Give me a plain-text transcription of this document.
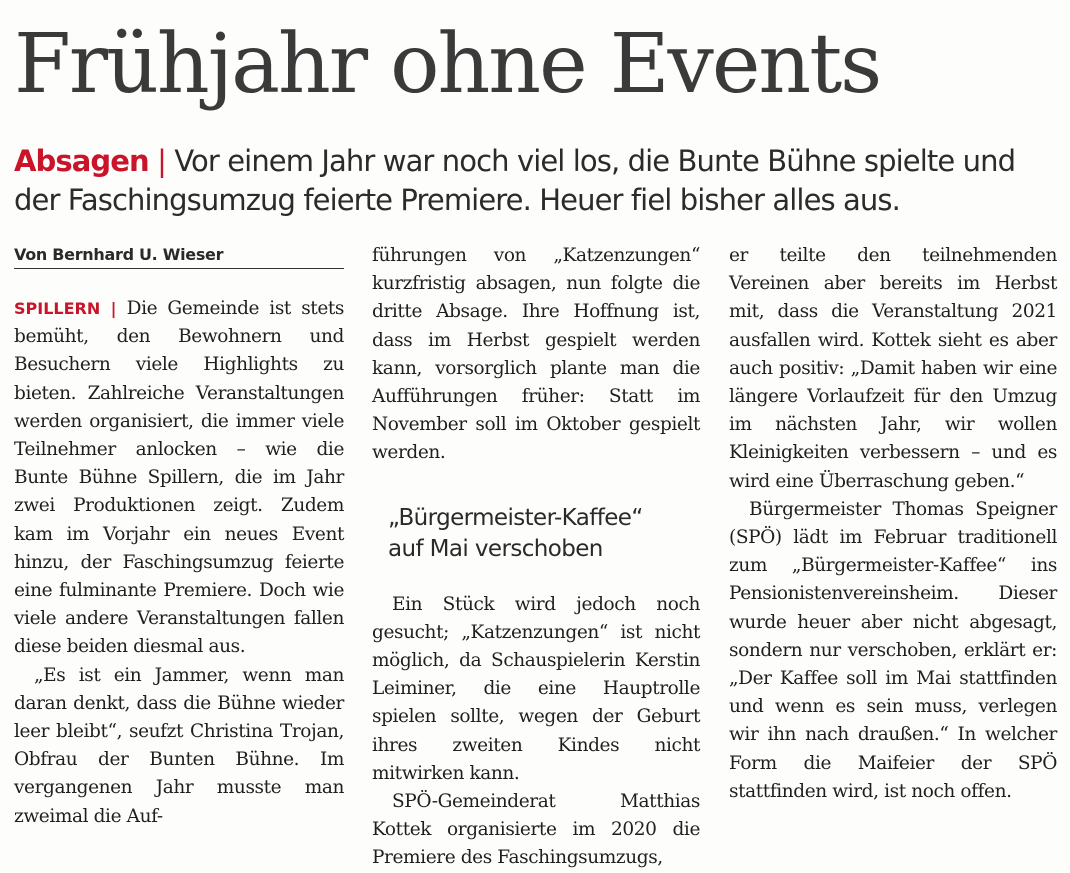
Frühjahr ohne Events

Absagen | Vor einem Jahr war noch viel los, die Bunte Bühne spielte und der Faschingsumzug feierte Premiere. Heuer fiel bisher alles aus.

Von Bernhard U. Wieser

SPILLERN | Die Gemeinde ist stets bemüht, den Bewohnern und Besuchern viele Highlights zu bieten. Zahlreiche Veranstaltungen werden organisiert, die immer viele Teilnehmer anlocken – wie die Bunte Bühne Spillern, die im Jahr zwei Produktionen zeigt. Zudem kam im Vorjahr ein neues Event hinzu, der Faschingsumzug feierte eine fulminante Premiere. Doch wie viele andere Veranstaltungen fallen diese beiden diesmal aus.

„Es ist ein Jammer, wenn man daran denkt, dass die Bühne wieder leer bleibt“, seufzt Christina Trojan, Obfrau der Bunten Bühne. Im vergangenen Jahr musste man zweimal die Auf-

führungen von „Katzenzungen“ kurzfristig absagen, nun folgte die dritte Absage. Ihre Hoffnung ist, dass im Herbst gespielt werden kann, vorsorglich plante man die Aufführungen früher: Statt im November soll im Oktober gespielt werden.

„Bürgermeister-Kaffee“
auf Mai verschoben

Ein Stück wird jedoch noch gesucht; „Katzenzungen“ ist nicht möglich, da Schauspielerin Kerstin Leiminer, die eine Hauptrolle spielen sollte, wegen der Geburt ihres zweiten Kindes nicht mitwirken kann.

SPÖ-Gemeinderat Matthias Kottek organisierte im 2020 die Premiere des Faschingsumzugs,

er teilte den teilnehmenden Vereinen aber bereits im Herbst mit, dass die Veranstaltung 2021 ausfallen wird. Kottek sieht es aber auch positiv: „Damit haben wir eine längere Vorlaufzeit für den Umzug im nächsten Jahr, wir wollen Kleinigkeiten verbessern – und es wird eine Überraschung geben.“

Bürgermeister Thomas Speigner (SPÖ) lädt im Februar traditionell zum „Bürgermeister-Kaffee“ ins Pensionistenvereinsheim. Dieser wurde heuer aber nicht abgesagt, sondern nur verschoben, erklärt er: „Der Kaffee soll im Mai stattfinden und wenn es sein muss, verlegen wir ihn nach draußen.“ In welcher Form die Maifeier der SPÖ stattfinden wird, ist noch offen.
